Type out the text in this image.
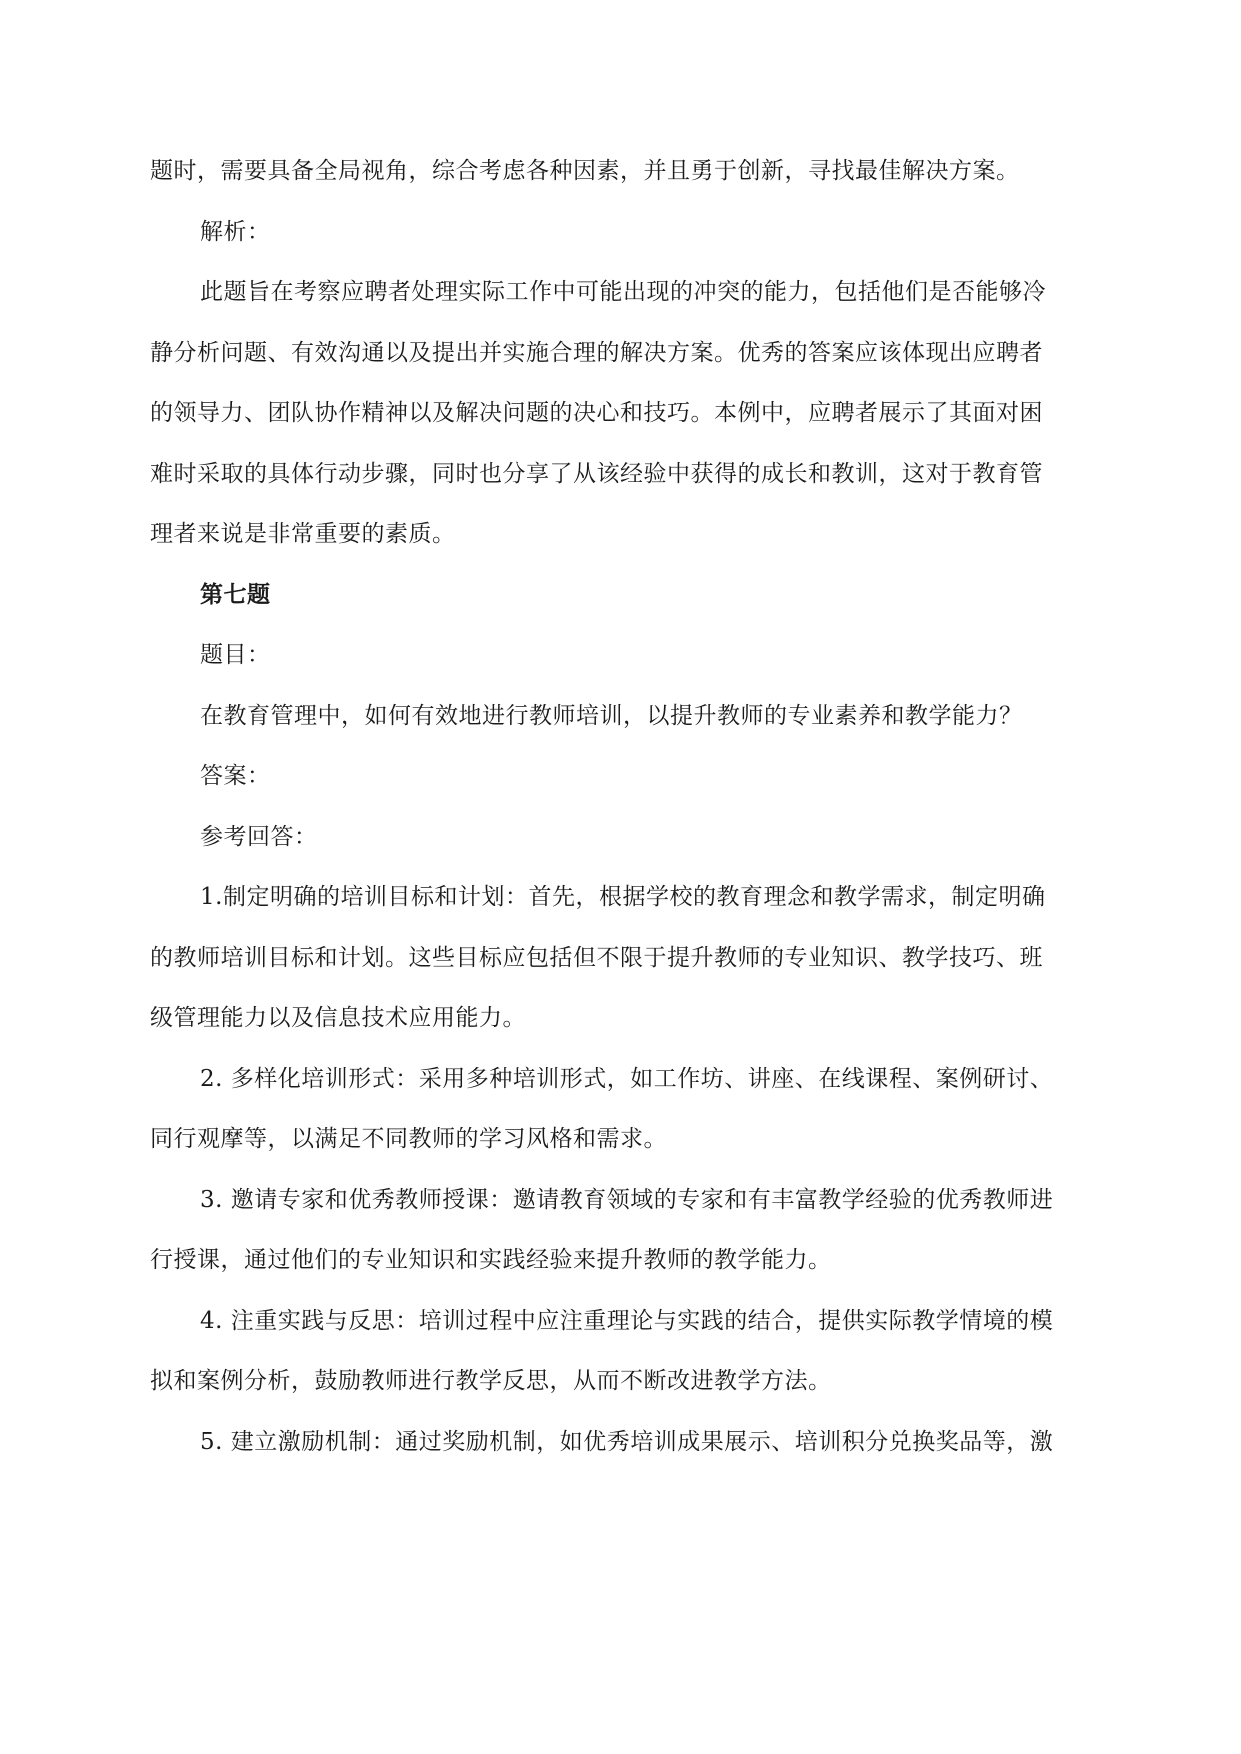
题时，需要具备全局视角，综合考虑各种因素，并且勇于创新，寻找最佳解决方案。

解析：

此题旨在考察应聘者处理实际工作中可能出现的冲突的能力，包括他们是否能够冷

静分析问题、有效沟通以及提出并实施合理的解决方案。优秀的答案应该体现出应聘者

的领导力、团队协作精神以及解决问题的决心和技巧。本例中，应聘者展示了其面对困

难时采取的具体行动步骤，同时也分享了从该经验中获得的成长和教训，这对于教育管

理者来说是非常重要的素质。

第七题

题目：

在教育管理中，如何有效地进行教师培训，以提升教师的专业素养和教学能力？

答案：

参考回答：

1.制定明确的培训目标和计划：首先，根据学校的教育理念和教学需求，制定明确

的教师培训目标和计划。这些目标应包括但不限于提升教师的专业知识、教学技巧、班

级管理能力以及信息技术应用能力。

2. 多样化培训形式：采用多种培训形式，如工作坊、讲座、在线课程、案例研讨、

同行观摩等，以满足不同教师的学习风格和需求。

3. 邀请专家和优秀教师授课：邀请教育领域的专家和有丰富教学经验的优秀教师进

行授课，通过他们的专业知识和实践经验来提升教师的教学能力。

4. 注重实践与反思：培训过程中应注重理论与实践的结合，提供实际教学情境的模

拟和案例分析，鼓励教师进行教学反思，从而不断改进教学方法。

5. 建立激励机制：通过奖励机制，如优秀培训成果展示、培训积分兑换奖品等，激
